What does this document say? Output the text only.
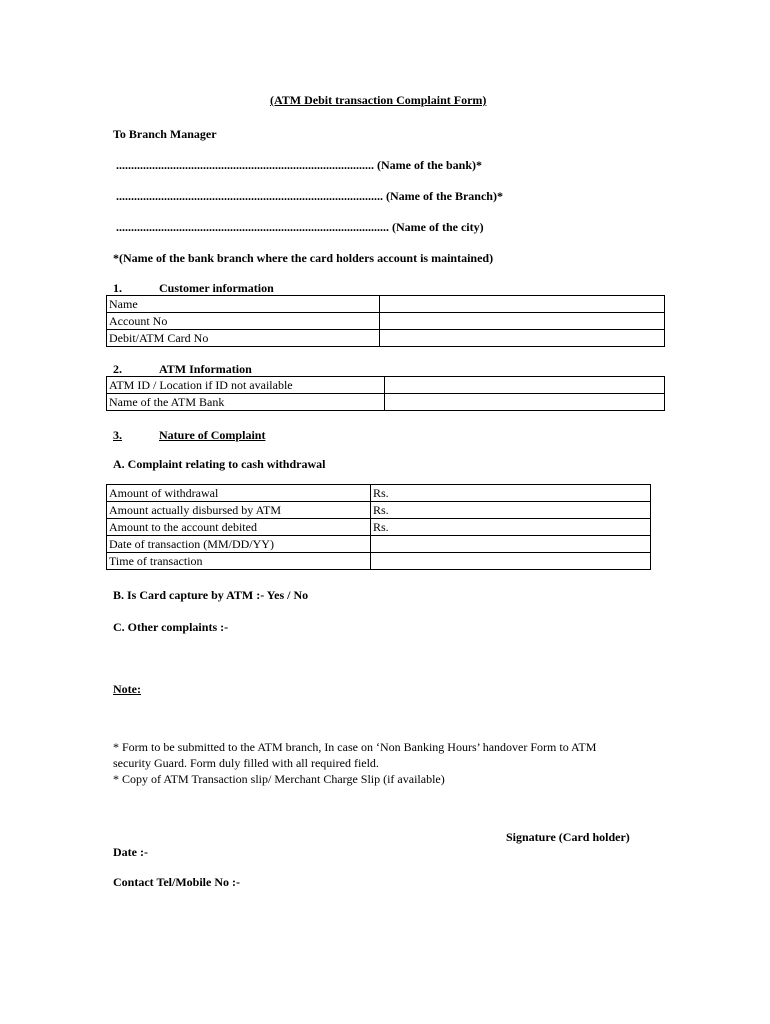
(ATM Debit transaction Complaint Form)
To Branch Manager
...................................................................................... (Name of the bank)*
......................................................................................... (Name of the Branch)*
........................................................................................... (Name of the city)
*(Name of the bank branch where the card holders account is maintained)
1.	Customer information
Name	
Account No	
Debit/ATM Card No	
2.	ATM Information
ATM ID / Location if ID not available	
Name of the ATM Bank	
3.	Nature of Complaint
A. Complaint relating to cash withdrawal
Amount of withdrawal	Rs.
Amount actually disbursed by ATM	Rs.
Amount to the account debited	Rs.
Date of transaction (MM/DD/YY)	
Time of transaction	
B. Is Card capture by ATM :- Yes / No
C. Other complaints :-
Note:
* Form to be submitted to the ATM branch, In case on ‘Non Banking Hours’ handover Form to ATM
security Guard. Form duly filled with all required field.
* Copy of ATM Transaction slip/ Merchant Charge Slip (if available)
Signature (Card holder)
Date :-
Contact Tel/Mobile No :-
